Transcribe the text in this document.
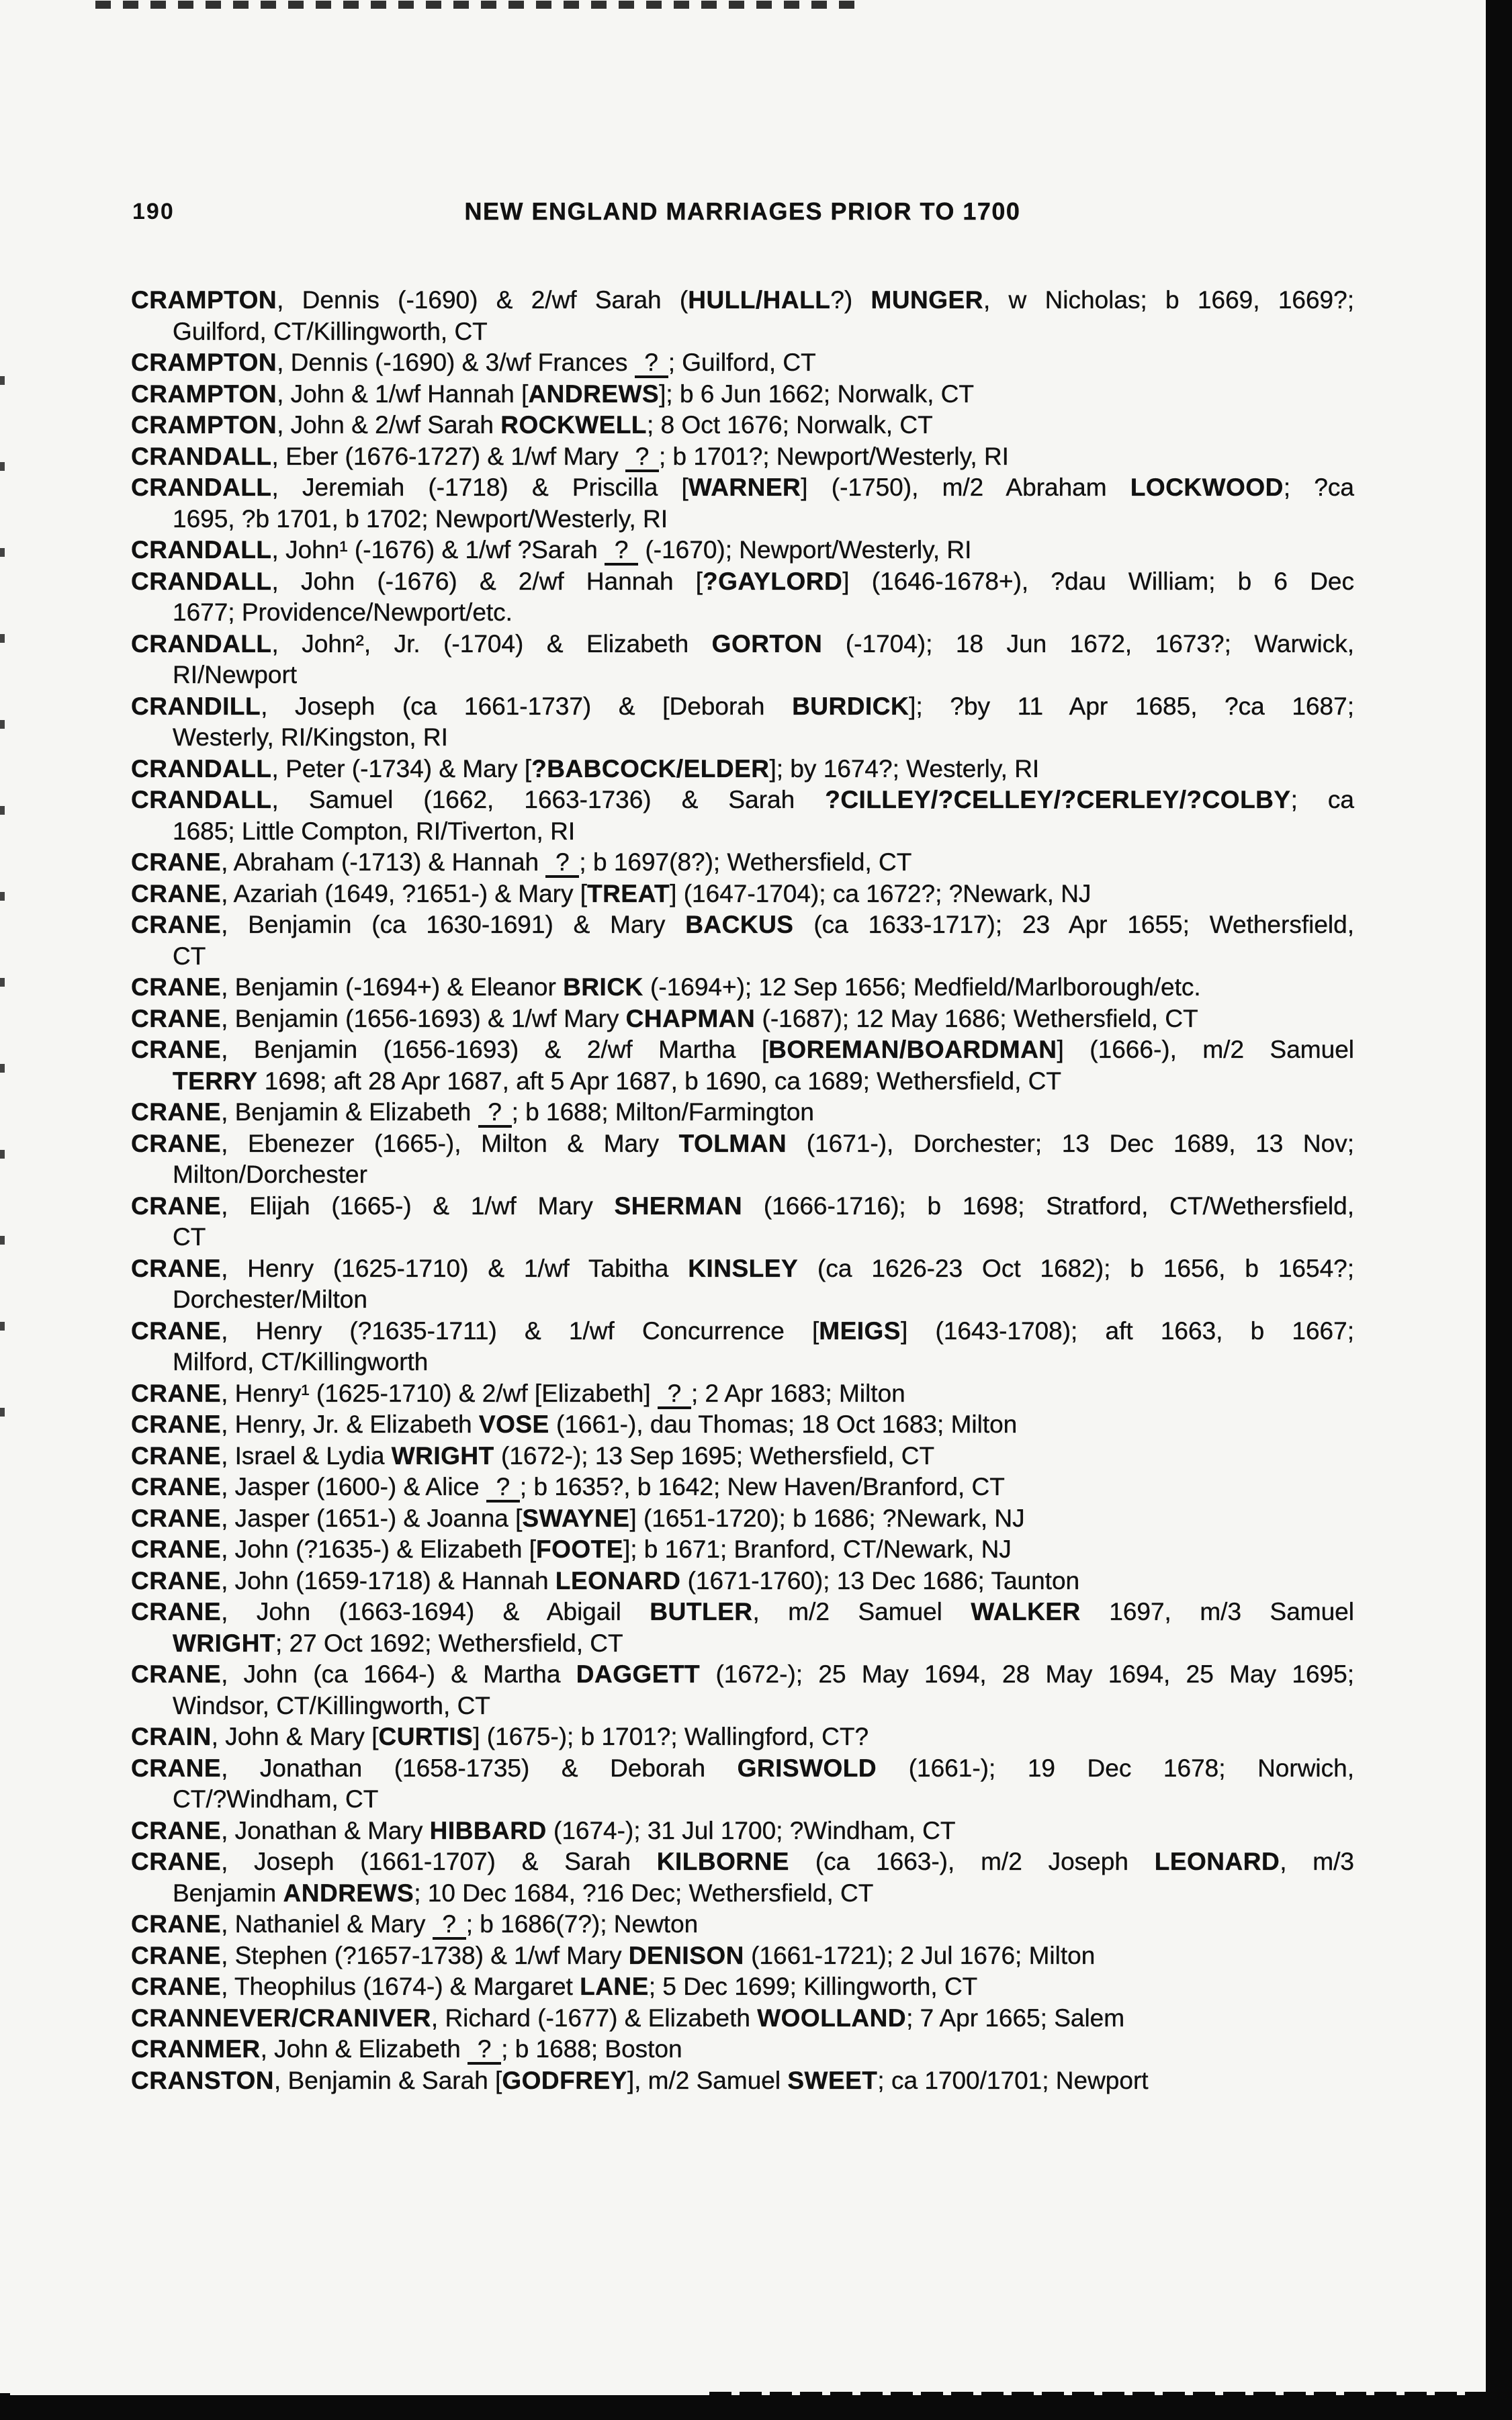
190	NEW ENGLAND MARRIAGES PRIOR TO 1700
CRAMPTON, Dennis (-1690) & 2/wf Sarah (HULL/HALL?) MUNGER, w Nicholas; b 1669, 1669?;
Guilford, CT/Killingworth, CT
CRAMPTON, Dennis (-1690) & 3/wf Frances ? ; Guilford, CT
CRAMPTON, John & 1/wf Hannah [ANDREWS]; b 6 Jun 1662; Norwalk, CT
CRAMPTON, John & 2/wf Sarah ROCKWELL; 8 Oct 1676; Norwalk, CT
CRANDALL, Eber (1676-1727) & 1/wf Mary ? ; b 1701?; Newport/Westerly, RI
CRANDALL, Jeremiah (-1718) & Priscilla [WARNER] (-1750), m/2 Abraham LOCKWOOD; ?ca
1695, ?b 1701, b 1702; Newport/Westerly, RI
CRANDALL, John¹ (-1676) & 1/wf ?Sarah ? (-1670); Newport/Westerly, RI
CRANDALL, John (-1676) & 2/wf Hannah [?GAYLORD] (1646-1678+), ?dau William; b 6 Dec
1677; Providence/Newport/etc.
CRANDALL, John², Jr. (-1704) & Elizabeth GORTON (-1704); 18 Jun 1672, 1673?; Warwick,
RI/Newport
CRANDILL, Joseph (ca 1661-1737) & [Deborah BURDICK]; ?by 11 Apr 1685, ?ca 1687;
Westerly, RI/Kingston, RI
CRANDALL, Peter (-1734) & Mary [?BABCOCK/ELDER]; by 1674?; Westerly, RI
CRANDALL, Samuel (1662, 1663-1736) & Sarah ?CILLEY/?CELLEY/?CERLEY/?COLBY; ca
1685; Little Compton, RI/Tiverton, RI
CRANE, Abraham (-1713) & Hannah ? ; b 1697(8?); Wethersfield, CT
CRANE, Azariah (1649, ?1651-) & Mary [TREAT] (1647-1704); ca 1672?; ?Newark, NJ
CRANE, Benjamin (ca 1630-1691) & Mary BACKUS (ca 1633-1717); 23 Apr 1655; Wethersfield,
CT
CRANE, Benjamin (-1694+) & Eleanor BRICK (-1694+); 12 Sep 1656; Medfield/Marlborough/etc.
CRANE, Benjamin (1656-1693) & 1/wf Mary CHAPMAN (-1687); 12 May 1686; Wethersfield, CT
CRANE, Benjamin (1656-1693) & 2/wf Martha [BOREMAN/BOARDMAN] (1666-), m/2 Samuel
TERRY 1698; aft 28 Apr 1687, aft 5 Apr 1687, b 1690, ca 1689; Wethersfield, CT
CRANE, Benjamin & Elizabeth ? ; b 1688; Milton/Farmington
CRANE, Ebenezer (1665-), Milton & Mary TOLMAN (1671-), Dorchester; 13 Dec 1689, 13 Nov;
Milton/Dorchester
CRANE, Elijah (1665-) & 1/wf Mary SHERMAN (1666-1716); b 1698; Stratford, CT/Wethersfield,
CT
CRANE, Henry (1625-1710) & 1/wf Tabitha KINSLEY (ca 1626-23 Oct 1682); b 1656, b 1654?;
Dorchester/Milton
CRANE, Henry (?1635-1711) & 1/wf Concurrence [MEIGS] (1643-1708); aft 1663, b 1667;
Milford, CT/Killingworth
CRANE, Henry¹ (1625-1710) & 2/wf [Elizabeth] ? ; 2 Apr 1683; Milton
CRANE, Henry, Jr. & Elizabeth VOSE (1661-), dau Thomas; 18 Oct 1683; Milton
CRANE, Israel & Lydia WRIGHT (1672-); 13 Sep 1695; Wethersfield, CT
CRANE, Jasper (1600-) & Alice ? ; b 1635?, b 1642; New Haven/Branford, CT
CRANE, Jasper (1651-) & Joanna [SWAYNE] (1651-1720); b 1686; ?Newark, NJ
CRANE, John (?1635-) & Elizabeth [FOOTE]; b 1671; Branford, CT/Newark, NJ
CRANE, John (1659-1718) & Hannah LEONARD (1671-1760); 13 Dec 1686; Taunton
CRANE, John (1663-1694) & Abigail BUTLER, m/2 Samuel WALKER 1697, m/3 Samuel
WRIGHT; 27 Oct 1692; Wethersfield, CT
CRANE, John (ca 1664-) & Martha DAGGETT (1672-); 25 May 1694, 28 May 1694, 25 May 1695;
Windsor, CT/Killingworth, CT
CRAIN, John & Mary [CURTIS] (1675-); b 1701?; Wallingford, CT?
CRANE, Jonathan (1658-1735) & Deborah GRISWOLD (1661-); 19 Dec 1678; Norwich,
CT/?Windham, CT
CRANE, Jonathan & Mary HIBBARD (1674-); 31 Jul 1700; ?Windham, CT
CRANE, Joseph (1661-1707) & Sarah KILBORNE (ca 1663-), m/2 Joseph LEONARD, m/3
Benjamin ANDREWS; 10 Dec 1684, ?16 Dec; Wethersfield, CT
CRANE, Nathaniel & Mary ? ; b 1686(7?); Newton
CRANE, Stephen (?1657-1738) & 1/wf Mary DENISON (1661-1721); 2 Jul 1676; Milton
CRANE, Theophilus (1674-) & Margaret LANE; 5 Dec 1699; Killingworth, CT
CRANNEVER/CRANIVER, Richard (-1677) & Elizabeth WOOLLAND; 7 Apr 1665; Salem
CRANMER, John & Elizabeth ? ; b 1688; Boston
CRANSTON, Benjamin & Sarah [GODFREY], m/2 Samuel SWEET; ca 1700/1701; Newport
